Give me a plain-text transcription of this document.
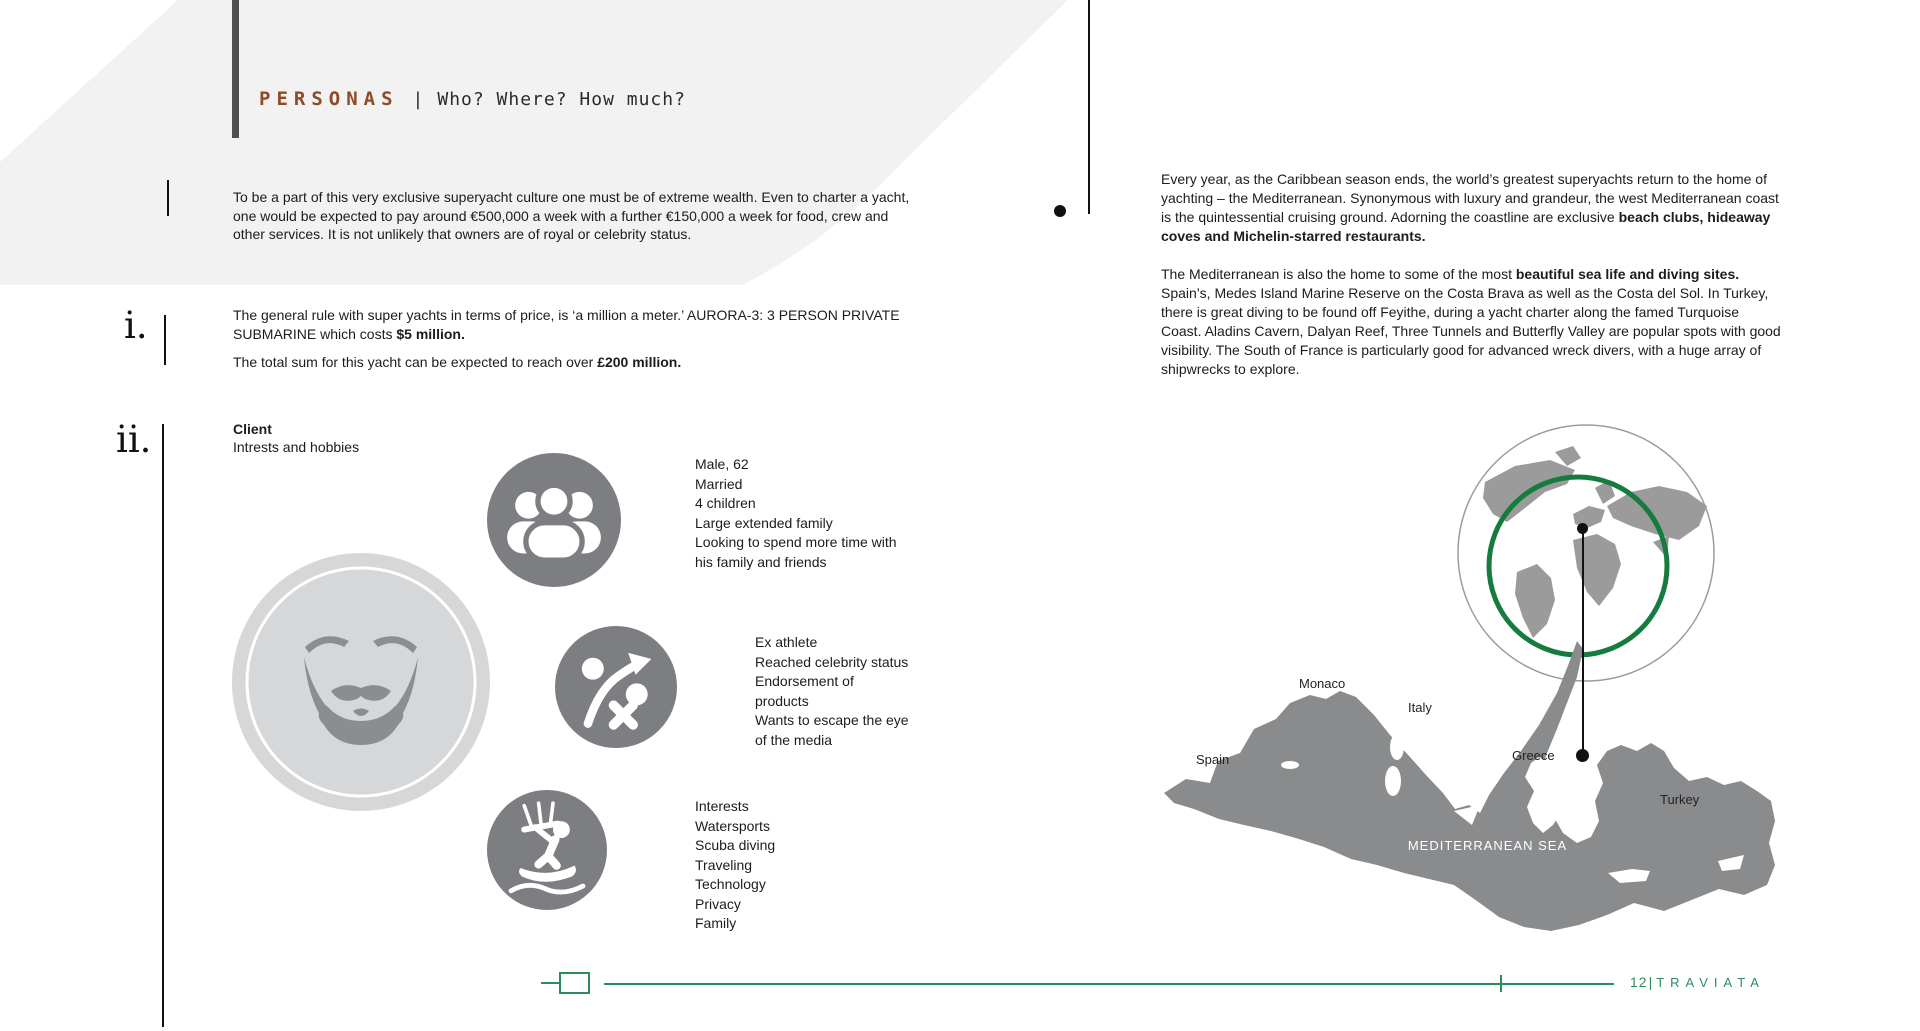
PERSONAS | Who? Where? How much?

To be a part of this very exclusive superyacht culture one must be of extreme wealth. Even to charter a yacht, one would be expected to pay around €500,000 a week with a further €150,000 a week for food, crew and other services. It is not unlikely that owners are of royal or celebrity status.

i.	The general rule with super yachts in terms of price, is ‘a million a meter.’ AURORA-3: 3 PERSON PRIVATE SUBMARINE which costs $5 million.

The total sum for this yacht can be expected to reach over £200 million.

ii.	Client
Intrests and hobbies
Male, 62
Married
4 children
Large extended family
Looking to spend more time with
his family and friends
Ex athlete
Reached celebrity status
Endorsement of
products
Wants to escape the eye
of the media
Interests
Watersports
Scuba diving
Traveling
Technology
Privacy
Family

Every year, as the Caribbean season ends, the world’s greatest superyachts return to the home of yachting – the Mediterranean. Synonymous with luxury and grandeur, the west Mediterranean coast is the quintessential cruising ground. Adorning the coastline are exclusive beach clubs, hideaway coves and Michelin-starred restaurants.

The Mediterranean is also the home to some of the most beautiful sea life and diving sites. Spain’s, Medes Island Marine Reserve on the Costa Brava as well as the Costa del Sol. In Turkey, there is great diving to be found off Feyithe, during a yacht charter along the famed Turquoise Coast. Aladins Cavern, Dalyan Reef, Three Tunnels and Butterfly Valley are popular spots with good visibility. The South of France is particularly good for advanced wreck divers, with a huge array of shipwrecks to explore.

Monaco
Italy
Spain	Greece
Turkey
MEDITERRANEAN SEA
12 | TRAVIATA
